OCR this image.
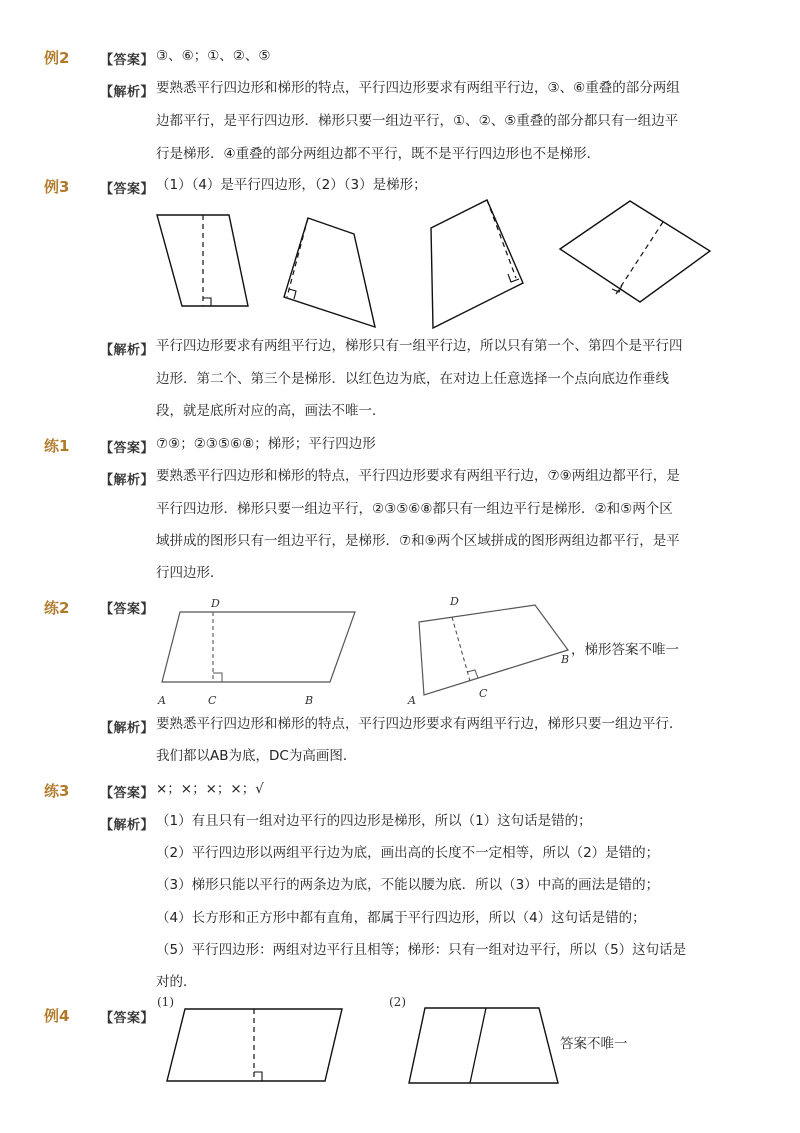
例2 【答案】 ③、⑥；①、②、⑤
【解析】 要熟悉平行四边形和梯形的特点，平行四边形要求有两组平行边，③、⑥重叠的部分两组
边都平行，是平行四边形．梯形只要一组边平行，①、②、⑤重叠的部分都只有一组边平
行是梯形．④重叠的部分两组边都不平行，既不是平行四边形也不是梯形．
例3 【答案】 （1）（4）是平行四边形，（2）（3）是梯形；
【解析】 平行四边形要求有两组平行边，梯形只有一组平行边，所以只有第一个、第四个是平行四
边形．第二个、第三个是梯形．以红色边为底，在对边上任意选择一个点向底边作垂线
段，就是底所对应的高，画法不唯一．
练1 【答案】 ⑦⑨；②③⑤⑥⑧；梯形；平行四边形
【解析】 要熟悉平行四边形和梯形的特点，平行四边形要求有两组平行边，⑦⑨两组边都平行，是
平行四边形．梯形只要一组边平行，②③⑤⑥⑧都只有一组边平行是梯形．②和⑤两个区
域拼成的图形只有一组边平行，是梯形．⑦和⑨两个区域拼成的图形两组边都平行，是平
行四边形．
练2 【答案】	D
A	C	B
D
A
C
B
，梯形答案不唯一
【解析】 要熟悉平行四边形和梯形的特点，平行四边形要求有两组平行边，梯形只要一组边平行．
我们都以AB为底，DC为高画图．
练3 【答案】 ×；×；×；×；√
【解析】 （1）有且只有一组对边平行的四边形是梯形，所以（1）这句话是错的；
（2）平行四边形以两组平行边为底，画出高的长度不一定相等，所以（2）是错的；
（3）梯形只能以平行的两条边为底，不能以腰为底．所以（3）中高的画法是错的；
（4）长方形和正方形中都有直角，都属于平行四边形，所以（4）这句话是错的；
（5）平行四边形：两组对边平行且相等；梯形：只有一组对边平行，所以（5）这句话是
对的．
例4 【答案】
(1)	(2)
答案不唯一
